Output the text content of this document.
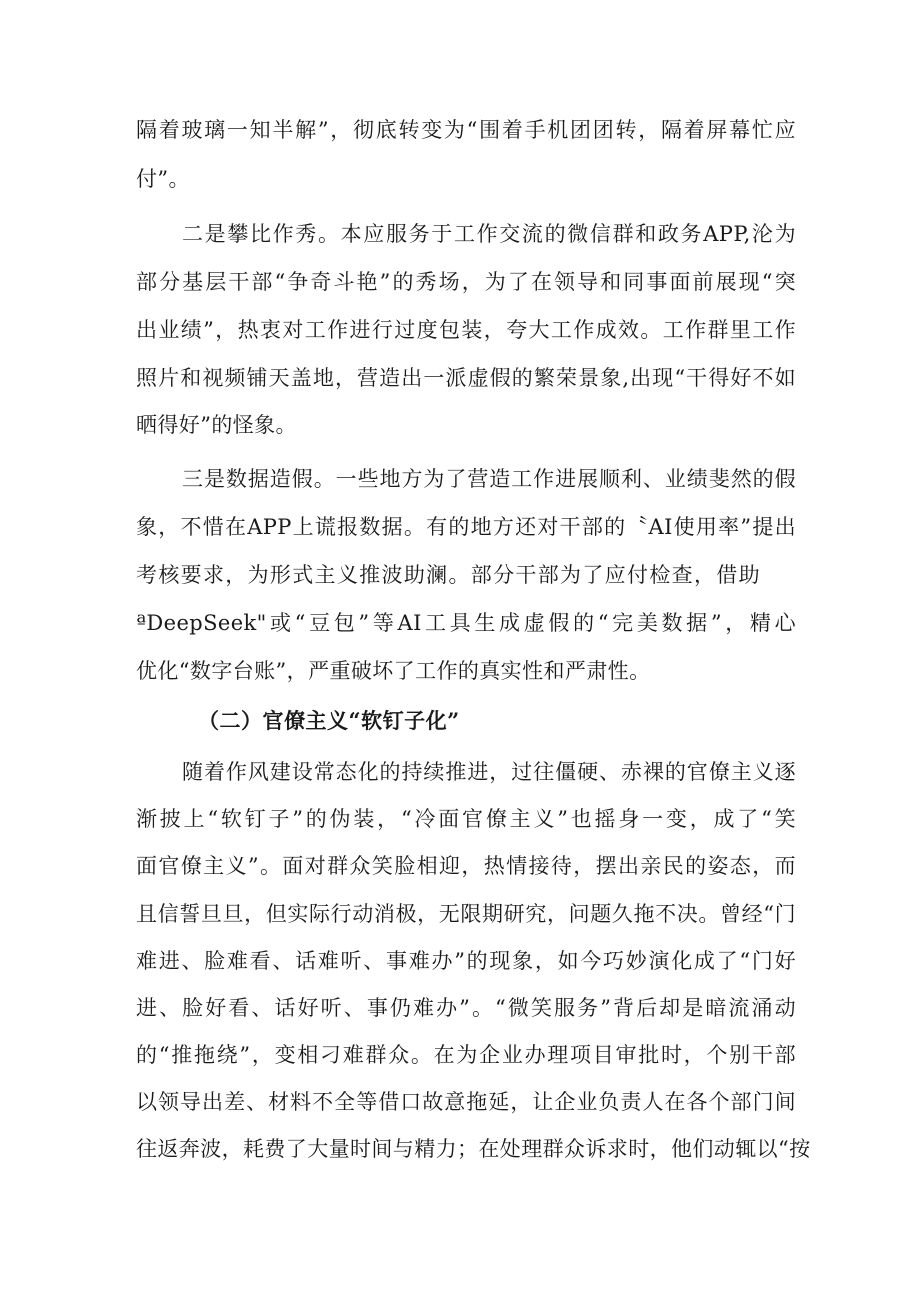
隔着玻璃一知半解”，彻底转变为“围着手机团团转，隔着屏幕忙应
付”。
二是攀比作秀。本应服务于工作交流的微信群和政务APP,沦为
部分基层干部“争奇斗艳”的秀场，为了在领导和同事面前展现“突
出业绩”，热衷对工作进行过度包装，夸大工作成效。工作群里工作
照片和视频铺天盖地，营造出一派虚假的繁荣景象,出现“干得好不如
晒得好”的怪象。
三是数据造假。一些地方为了营造工作进展顺利、业绩斐然的假
象，不惜在APP上谎报数据。有的地方还对干部的〝AI使用率”提出
考核要求，为形式主义推波助澜。部分干部为了应付检查，借助
ªDeepSeek"或“豆包”等AI工具生成虚假的“完美数据”，精心
优化“数字台账”，严重破坏了工作的真实性和严肃性。
（二）官僚主义“软钉子化”
随着作风建设常态化的持续推进，过往僵硬、赤裸的官僚主义逐
渐披上“软钉子”的伪装，“冷面官僚主义”也摇身一变，成了“笑
面官僚主义”。面对群众笑脸相迎，热情接待，摆出亲民的姿态，而
且信誓旦旦，但实际行动消极，无限期研究，问题久拖不决。曾经“门
难进、脸难看、话难听、事难办”的现象，如今巧妙演化成了“门好
进、脸好看、话好听、事仍难办”。“微笑服务”背后却是暗流涌动
的“推拖绕”，变相刁难群众。在为企业办理项目审批时，个别干部
以领导出差、材料不全等借口故意拖延，让企业负责人在各个部门间
往返奔波，耗费了大量时间与精力；在处理群众诉求时，他们动辄以“按
